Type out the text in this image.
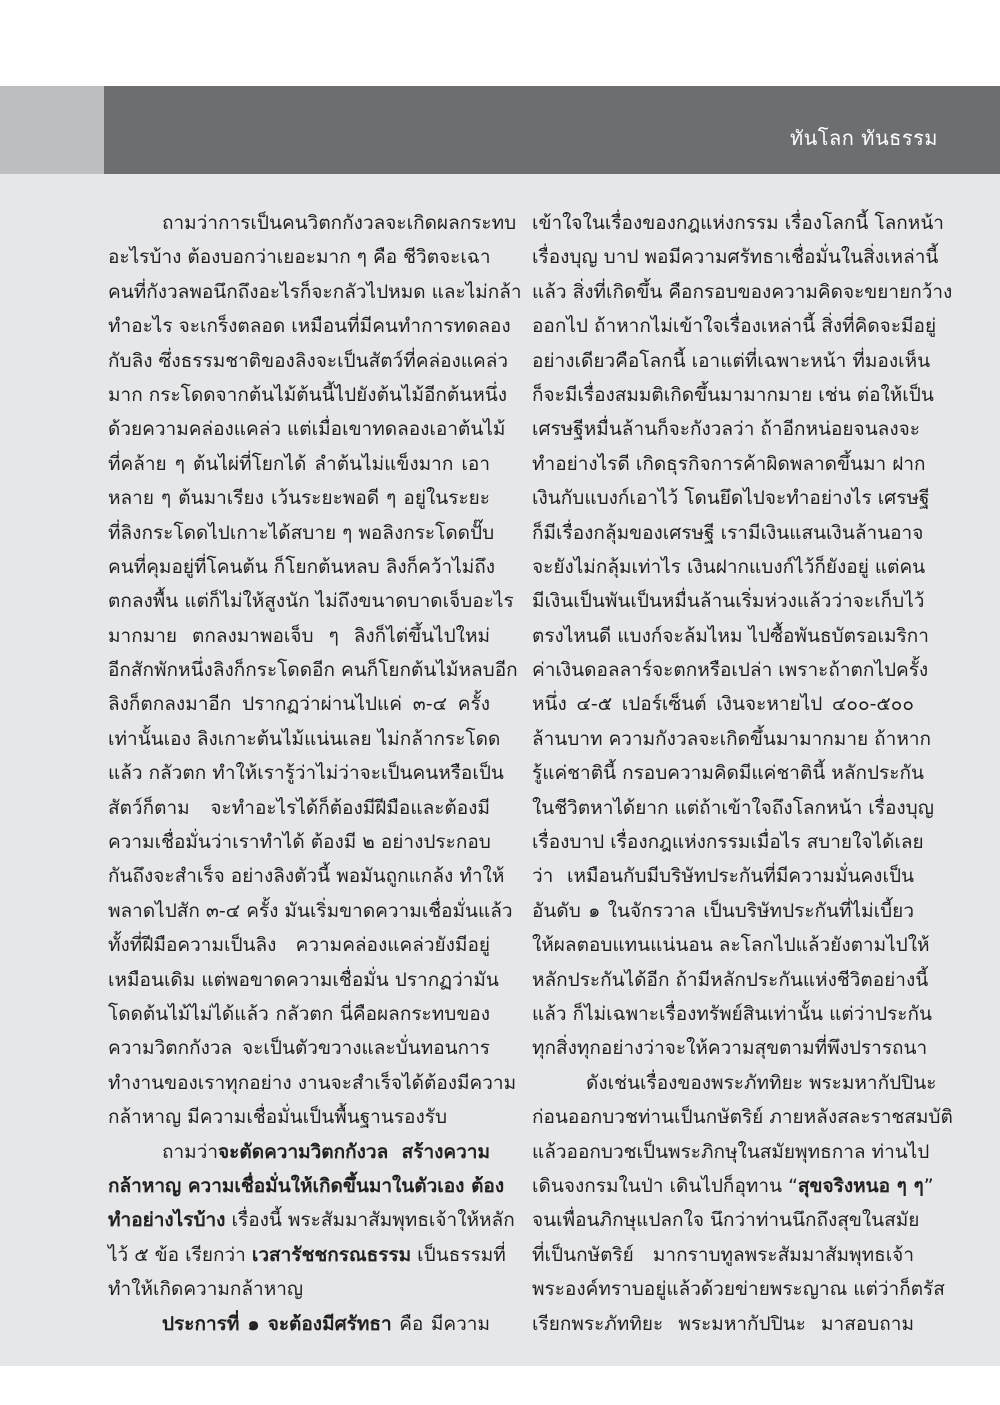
ทันโลก ทันธรรม
ถามว่าการเป็นคนวิตกกังวลจะเกิดผลกระทบ
อะไรบ้าง ต้องบอกว่าเยอะมาก ๆ คือ ชีวิตจะเฉา
คนที่กังวลพอนึกถึงอะไรก็จะกลัวไปหมด และไม่กล้า
ทำอะไร จะเกร็งตลอด เหมือนที่มีคนทำการทดลอง
กับลิง ซึ่งธรรมชาติของลิงจะเป็นสัตว์ที่คล่องแคล่ว
มาก กระโดดจากต้นไม้ต้นนี้ไปยังต้นไม้อีกต้นหนึ่ง
ด้วยความคล่องแคล่ว แต่เมื่อเขาทดลองเอาต้นไม้
ที่คล้าย ๆ ต้นไผ่ที่โยกได้ ลำต้นไม่แข็งมาก เอา
หลาย ๆ ต้นมาเรียง เว้นระยะพอดี ๆ อยู่ในระยะ
ที่ลิงกระโดดไปเกาะได้สบาย ๆ พอลิงกระโดดปั๊บ
คนที่คุมอยู่ที่โคนต้น ก็โยกต้นหลบ ลิงก็คว้าไม่ถึง
ตกลงพื้น แต่ก็ไม่ให้สูงนัก ไม่ถึงขนาดบาดเจ็บอะไร
มากมาย ตกลงมาพอเจ็บ ๆ ลิงก็ไต่ขึ้นไปใหม่
อีกสักพักหนึ่งลิงก็กระโดดอีก คนก็โยกต้นไม้หลบอีก
ลิงก็ตกลงมาอีก ปรากฏว่าผ่านไปแค่ ๓-๔ ครั้ง
เท่านั้นเอง ลิงเกาะต้นไม้แน่นเลย ไม่กล้ากระโดด
แล้ว กลัวตก ทำให้เรารู้ว่าไม่ว่าจะเป็นคนหรือเป็น
สัตว์ก็ตาม จะทำอะไรได้ก็ต้องมีฝีมือและต้องมี
ความเชื่อมั่นว่าเราทำได้ ต้องมี ๒ อย่างประกอบ
กันถึงจะสำเร็จ อย่างลิงตัวนี้ พอมันถูกแกล้ง ทำให้
พลาดไปสัก ๓-๔ ครั้ง มันเริ่มขาดความเชื่อมั่นแล้ว
ทั้งที่ฝีมือความเป็นลิง ความคล่องแคล่วยังมีอยู่
เหมือนเดิม แต่พอขาดความเชื่อมั่น ปรากฏว่ามัน
โดดต้นไม้ไม่ได้แล้ว กลัวตก นี่คือผลกระทบของ
ความวิตกกังวล จะเป็นตัวขวางและบั่นทอนการ
ทำงานของเราทุกอย่าง งานจะสำเร็จได้ต้องมีความ
กล้าหาญ มีความเชื่อมั่นเป็นพื้นฐานรองรับ
ถามว่าจะตัดความวิตกกังวล สร้างความ
กล้าหาญ ความเชื่อมั่นให้เกิดขึ้นมาในตัวเอง ต้อง
ทำอย่างไรบ้าง เรื่องนี้ พระสัมมาสัมพุทธเจ้าให้หลัก
ไว้ ๕ ข้อ เรียกว่า เวสารัชชกรณธรรม เป็นธรรมที่
ทำให้เกิดความกล้าหาญ
ประการที่ ๑ จะต้องมีศรัทธา คือ มีความ
เข้าใจในเรื่องของกฎแห่งกรรม เรื่องโลกนี้ โลกหน้า
เรื่องบุญ บาป พอมีความศรัทธาเชื่อมั่นในสิ่งเหล่านี้
แล้ว สิ่งที่เกิดขึ้น คือกรอบของความคิดจะขยายกว้าง
ออกไป ถ้าหากไม่เข้าใจเรื่องเหล่านี้ สิ่งที่คิดจะมีอยู่
อย่างเดียวคือโลกนี้ เอาแต่ที่เฉพาะหน้า ที่มองเห็น
ก็จะมีเรื่องสมมติเกิดขึ้นมามากมาย เช่น ต่อให้เป็น
เศรษฐีหมื่นล้านก็จะกังวลว่า ถ้าอีกหน่อยจนลงจะ
ทำอย่างไรดี เกิดธุรกิจการค้าผิดพลาดขึ้นมา ฝาก
เงินกับแบงก์เอาไว้ โดนยึดไปจะทำอย่างไร เศรษฐี
ก็มีเรื่องกลุ้มของเศรษฐี เรามีเงินแสนเงินล้านอาจ
จะยังไม่กลุ้มเท่าไร เงินฝากแบงก์ไว้ก็ยังอยู่ แต่คน
มีเงินเป็นพันเป็นหมื่นล้านเริ่มห่วงแล้วว่าจะเก็บไว้
ตรงไหนดี แบงก์จะล้มไหม ไปซื้อพันธบัตรอเมริกา
ค่าเงินดอลลาร์จะตกหรือเปล่า เพราะถ้าตกไปครั้ง
หนึ่ง ๔-๕ เปอร์เซ็นต์ เงินจะหายไป ๔๐๐-๕๐๐
ล้านบาท ความกังวลจะเกิดขึ้นมามากมาย ถ้าหาก
รู้แค่ชาตินี้ กรอบความคิดมีแค่ชาตินี้ หลักประกัน
ในชีวิตหาได้ยาก แต่ถ้าเข้าใจถึงโลกหน้า เรื่องบุญ
เรื่องบาป เรื่องกฎแห่งกรรมเมื่อไร สบายใจได้เลย
ว่า เหมือนกับมีบริษัทประกันที่มีความมั่นคงเป็น
อันดับ ๑ ในจักรวาล เป็นบริษัทประกันที่ไม่เบี้ยว
ให้ผลตอบแทนแน่นอน ละโลกไปแล้วยังตามไปให้
หลักประกันได้อีก ถ้ามีหลักประกันแห่งชีวิตอย่างนี้
แล้ว ก็ไม่เฉพาะเรื่องทรัพย์สินเท่านั้น แต่ว่าประกัน
ทุกสิ่งทุกอย่างว่าจะให้ความสุขตามที่พึงปรารถนา
ดังเช่นเรื่องของพระภัททิยะ พระมหากัปปินะ
ก่อนออกบวชท่านเป็นกษัตริย์ ภายหลังสละราชสมบัติ
แล้วออกบวชเป็นพระภิกษุในสมัยพุทธกาล ท่านไป
เดินจงกรมในป่า เดินไปก็อุทาน “สุขจริงหนอ ๆ ๆ”
จนเพื่อนภิกษุแปลกใจ นึกว่าท่านนึกถึงสุขในสมัย
ที่เป็นกษัตริย์ มากราบทูลพระสัมมาสัมพุทธเจ้า
พระองค์ทราบอยู่แล้วด้วยข่ายพระญาณ แต่ว่าก็ตรัส
เรียกพระภัททิยะ พระมหากัปปินะ มาสอบถาม
